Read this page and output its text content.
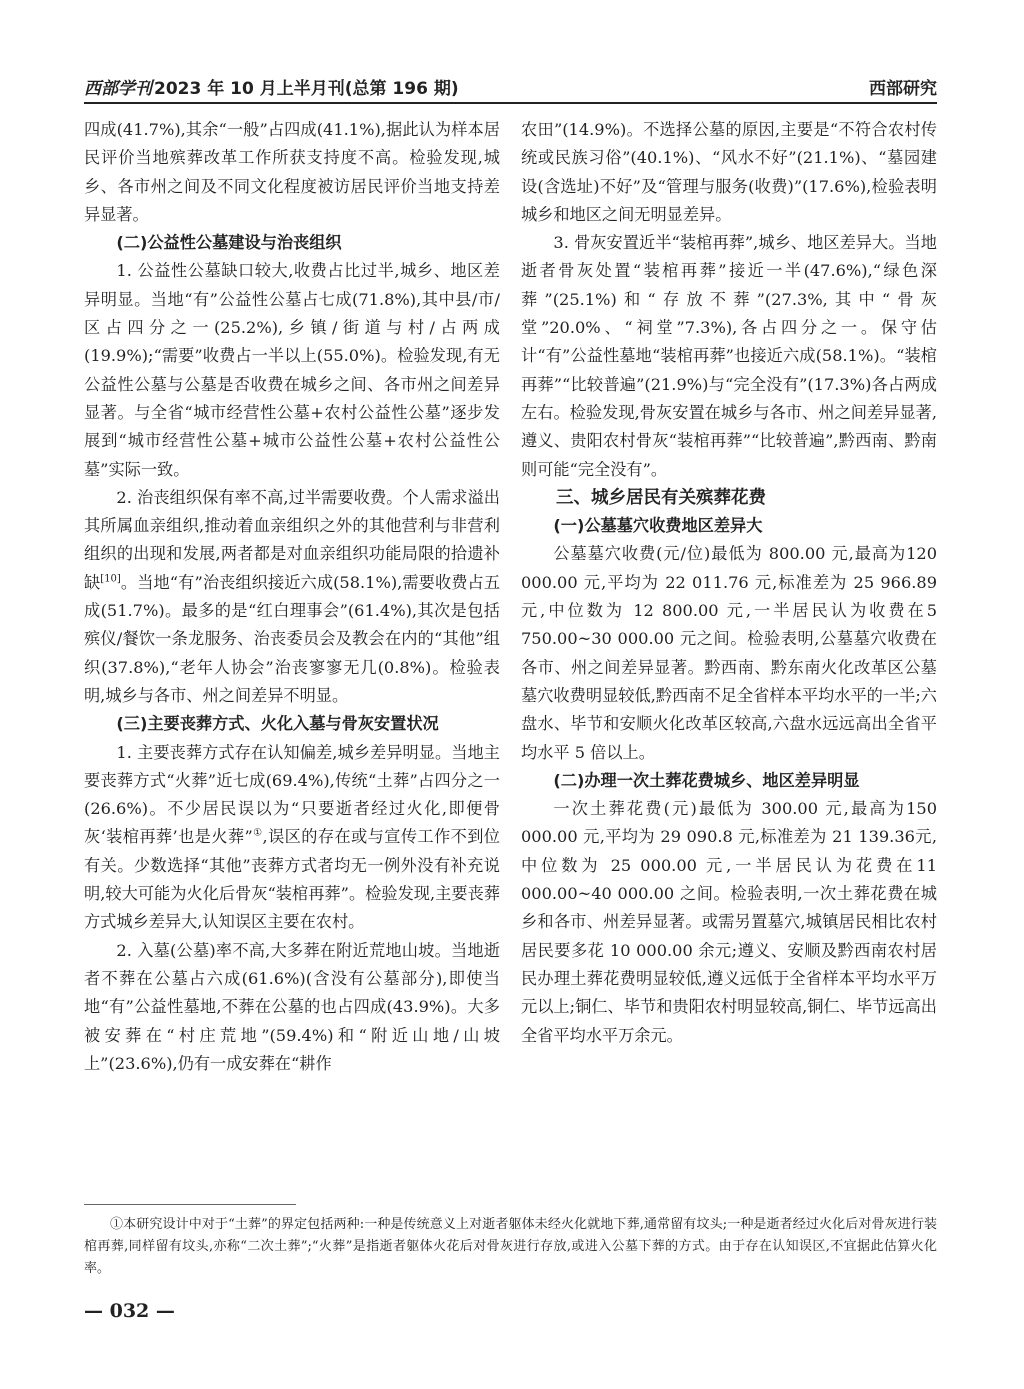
西部学刊 2023 年 10 月上半月刊(总第 196 期)	西部研究

四成(41.7%),其余“一般”占四成(41.1%),据此认为样本居民评价当地殡葬改革工作所获支持度不高。检验发现,城乡、各市州之间及不同文化程度被访居民评价当地支持差异显著。

(二)公益性公墓建设与治丧组织

1. 公益性公墓缺口较大,收费占比过半,城乡、地区差异明显。当地“有”公益性公墓占七成(71.8%),其中县/市/区占四分之一(25.2%),乡镇/街道与村/占两成(19.9%);“需要”收费占一半以上(55.0%)。检验发现,有无公益性公墓与公墓是否收费在城乡之间、各市州之间差异显著。与全省“城市经营性公墓+农村公益性公墓”逐步发展到“城市经营性公墓+城市公益性公墓+农村公益性公墓”实际一致。

2. 治丧组织保有率不高,过半需要收费。个人需求溢出其所属血亲组织,推动着血亲组织之外的其他营利与非营利组织的出现和发展,两者都是对血亲组织功能局限的拾遗补缺[10]。当地“有”治丧组织接近六成(58.1%),需要收费占五成(51.7%)。最多的是“红白理事会”(61.4%),其次是包括殡仪/餐饮一条龙服务、治丧委员会及教会在内的“其他”组织(37.8%),“老年人协会”治丧寥寥无几(0.8%)。检验表明,城乡与各市、州之间差异不明显。

(三)主要丧葬方式、火化入墓与骨灰安置状况

1. 主要丧葬方式存在认知偏差,城乡差异明显。当地主要丧葬方式“火葬”近七成(69.4%),传统“土葬”占四分之一(26.6%)。不少居民误以为“只要逝者经过火化,即便骨灰‘装棺再葬’也是火葬”①,误区的存在或与宣传工作不到位有关。少数选择“其他”丧葬方式者均无一例外没有补充说明,较大可能为火化后骨灰“装棺再葬”。检验发现,主要丧葬方式城乡差异大,认知误区主要在农村。

2. 入墓(公墓)率不高,大多葬在附近荒地山坡。当地逝者不葬在公墓占六成(61.6%)(含没有公墓部分),即使当地“有”公益性墓地,不葬在公墓的也占四成(43.9%)。大多被安葬在“村庄荒地”(59.4%)和“附近山地/山坡上”(23.6%),仍有一成安葬在“耕作

农田”(14.9%)。不选择公墓的原因,主要是“不符合农村传统或民族习俗”(40.1%)、“风水不好”(21.1%)、“墓园建设(含选址)不好”及“管理与服务(收费)”(17.6%),检验表明城乡和地区之间无明显差异。

3. 骨灰安置近半“装棺再葬”,城乡、地区差异大。当地逝者骨灰处置“装棺再葬”接近一半(47.6%),“绿色深葬”(25.1%)和“存放不葬”(27.3%,其中“骨灰堂”20.0%、“祠堂”7.3%),各占四分之一。保守估计“有”公益性墓地“装棺再葬”也接近六成(58.1%)。“装棺再葬”“比较普遍”(21.9%)与“完全没有”(17.3%)各占两成左右。检验发现,骨灰安置在城乡与各市、州之间差异显著,遵义、贵阳农村骨灰“装棺再葬”“比较普遍”,黔西南、黔南则可能“完全没有”。

三、城乡居民有关殡葬花费
(一)公墓墓穴收费地区差异大

公墓墓穴收费(元/位)最低为 800.00 元,最高为120 000.00 元,平均为 22 011.76 元,标准差为 25 966.89元,中位数为 12 800.00 元,一半居民认为收费在5 750.00~30 000.00 元之间。检验表明,公墓墓穴收费在各市、州之间差异显著。黔西南、黔东南火化改革区公墓墓穴收费明显较低,黔西南不足全省样本平均水平的一半;六盘水、毕节和安顺火化改革区较高,六盘水远远高出全省平均水平 5 倍以上。

(二)办理一次土葬花费城乡、地区差异明显

一次土葬花费(元)最低为 300.00 元,最高为150 000.00 元,平均为 29 090.8 元,标准差为 21 139.36元,中位数为 25 000.00 元,一半居民认为花费在11 000.00~40 000.00 之间。检验表明,一次土葬花费在城乡和各市、州差异显著。或需另置墓穴,城镇居民相比农村居民要多花 10 000.00 余元;遵义、安顺及黔西南农村居民办理土葬花费明显较低,遵义远低于全省样本平均水平万元以上;铜仁、毕节和贵阳农村明显较高,铜仁、毕节远高出全省平均水平万余元。

①本研究设计中对于“土葬”的界定包括两种:一种是传统意义上对逝者躯体未经火化就地下葬,通常留有坟头;一种是逝者经过火化后对骨灰进行装棺再葬,同样留有坟头,亦称“二次土葬”;“火葬”是指逝者躯体火花后对骨灰进行存放,或进入公墓下葬的方式。由于存在认知误区,不宜据此估算火化率。
— 032 —
